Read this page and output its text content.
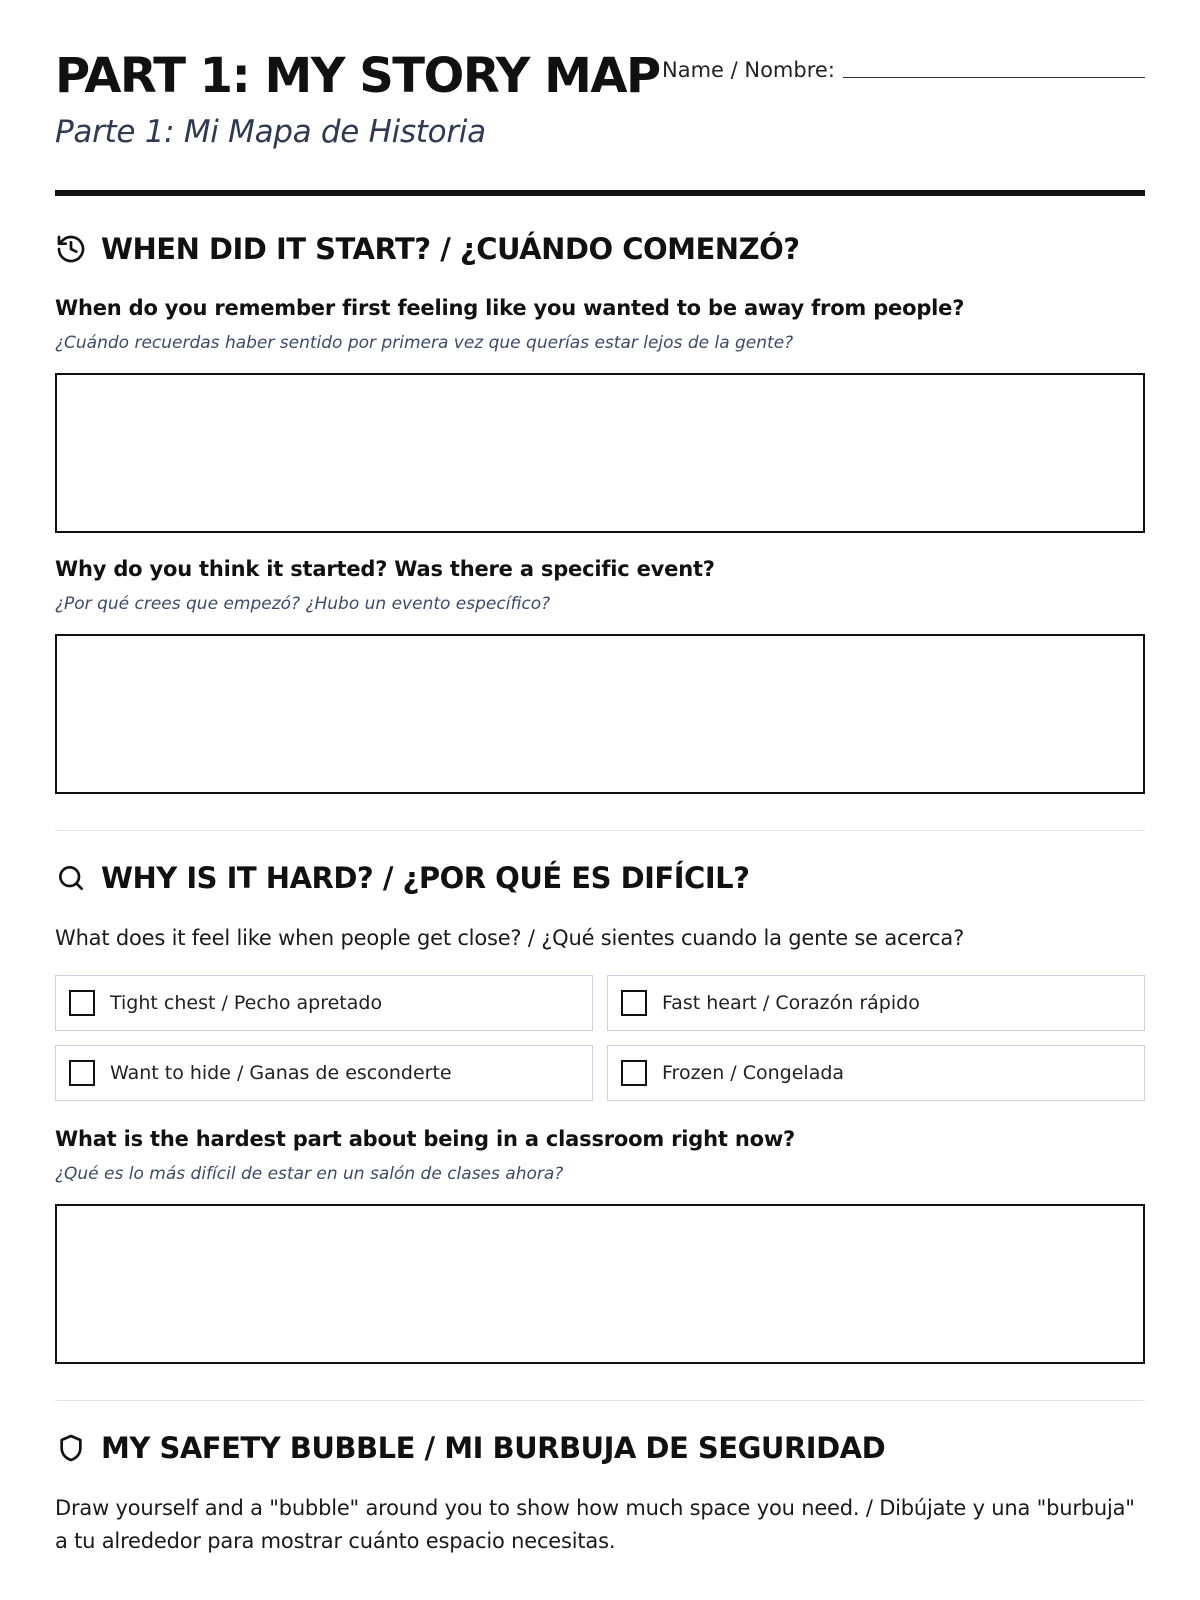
PART 1: MY STORY MAP
Parte 1: Mi Mapa de Historia
Name / Nombre:
WHEN DID IT START? / ¿CUÁNDO COMENZÓ?
When do you remember first feeling like you wanted to be away from people?
¿Cuándo recuerdas haber sentido por primera vez que querías estar lejos de la gente?
Why do you think it started? Was there a specific event?
¿Por qué crees que empezó? ¿Hubo un evento específico?
WHY IS IT HARD? / ¿POR QUÉ ES DIFÍCIL?
What does it feel like when people get close? / ¿Qué sientes cuando la gente se acerca?
Tight chest / Pecho apretado	Fast heart / Corazón rápido
Want to hide / Ganas de esconderte	Frozen / Congelada
What is the hardest part about being in a classroom right now?
¿Qué es lo más difícil de estar en un salón de clases ahora?
MY SAFETY BUBBLE / MI BURBUJA DE SEGURIDAD
Draw yourself and a "bubble" around you to show how much space you need. / Dibújate y una "burbuja" a tu alrededor para mostrar cuánto espacio necesitas.
